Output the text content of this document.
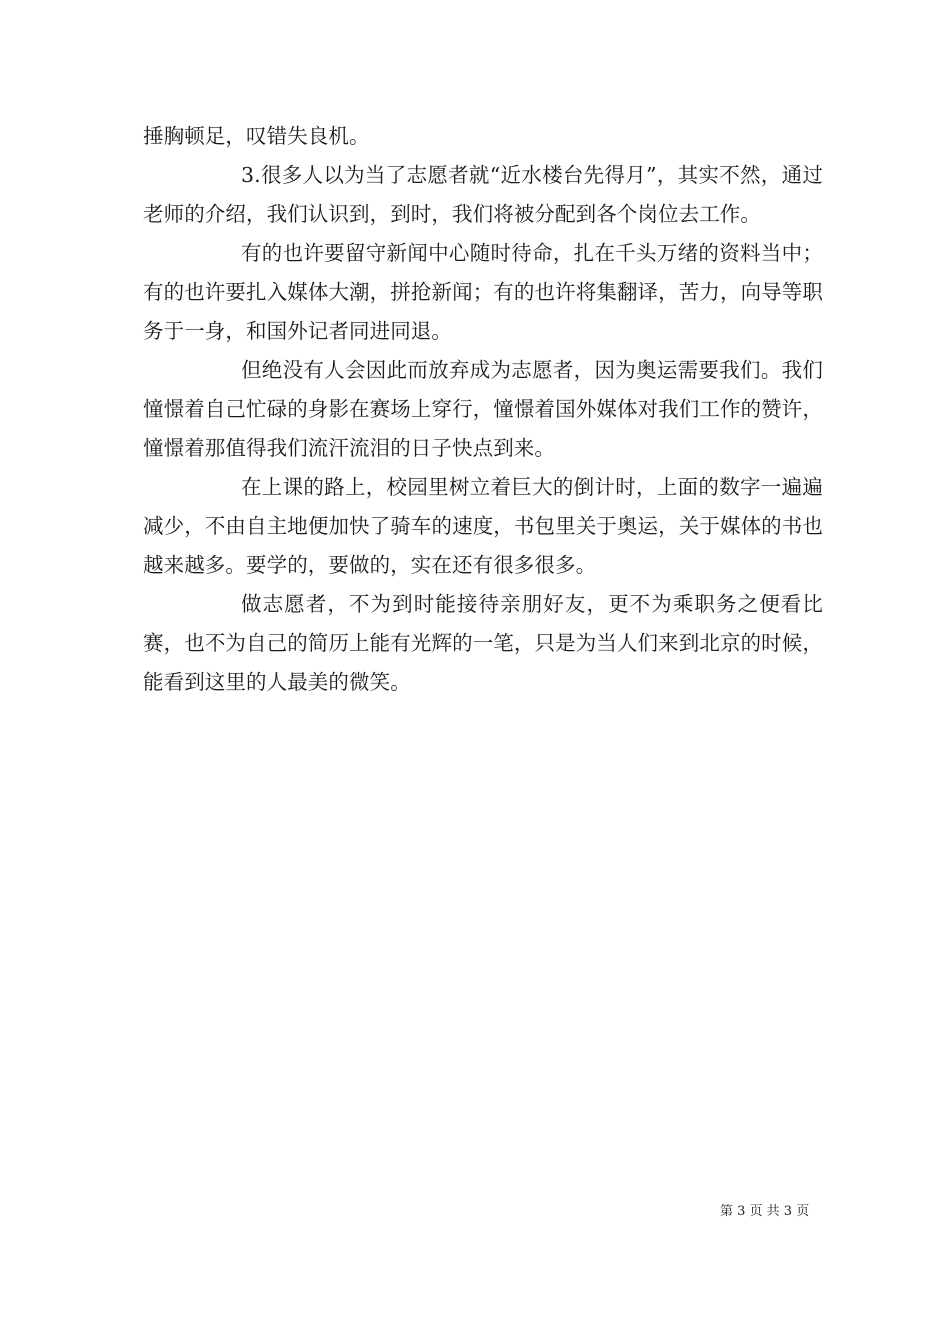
捶胸顿足，叹错失良机。

3.很多人以为当了志愿者就“近水楼台先得月”，其实不然，通过老师的介绍，我们认识到，到时，我们将被分配到各个岗位去工作。

有的也许要留守新闻中心随时待命，扎在千头万绪的资料当中；有的也许要扎入媒体大潮，拼抢新闻；有的也许将集翻译，苦力，向导等职务于一身，和国外记者同进同退。

但绝没有人会因此而放弃成为志愿者，因为奥运需要我们。我们憧憬着自己忙碌的身影在赛场上穿行，憧憬着国外媒体对我们工作的赞许，憧憬着那值得我们流汗流泪的日子快点到来。

在上课的路上，校园里树立着巨大的倒计时，上面的数字一遍遍减少，不由自主地便加快了骑车的速度，书包里关于奥运，关于媒体的书也越来越多。要学的，要做的，实在还有很多很多。

做志愿者，不为到时能接待亲朋好友，更不为乘职务之便看比赛，也不为自己的简历上能有光辉的一笔，只是为当人们来到北京的时候，能看到这里的人最美的微笑。

第 3 页 共 3 页
